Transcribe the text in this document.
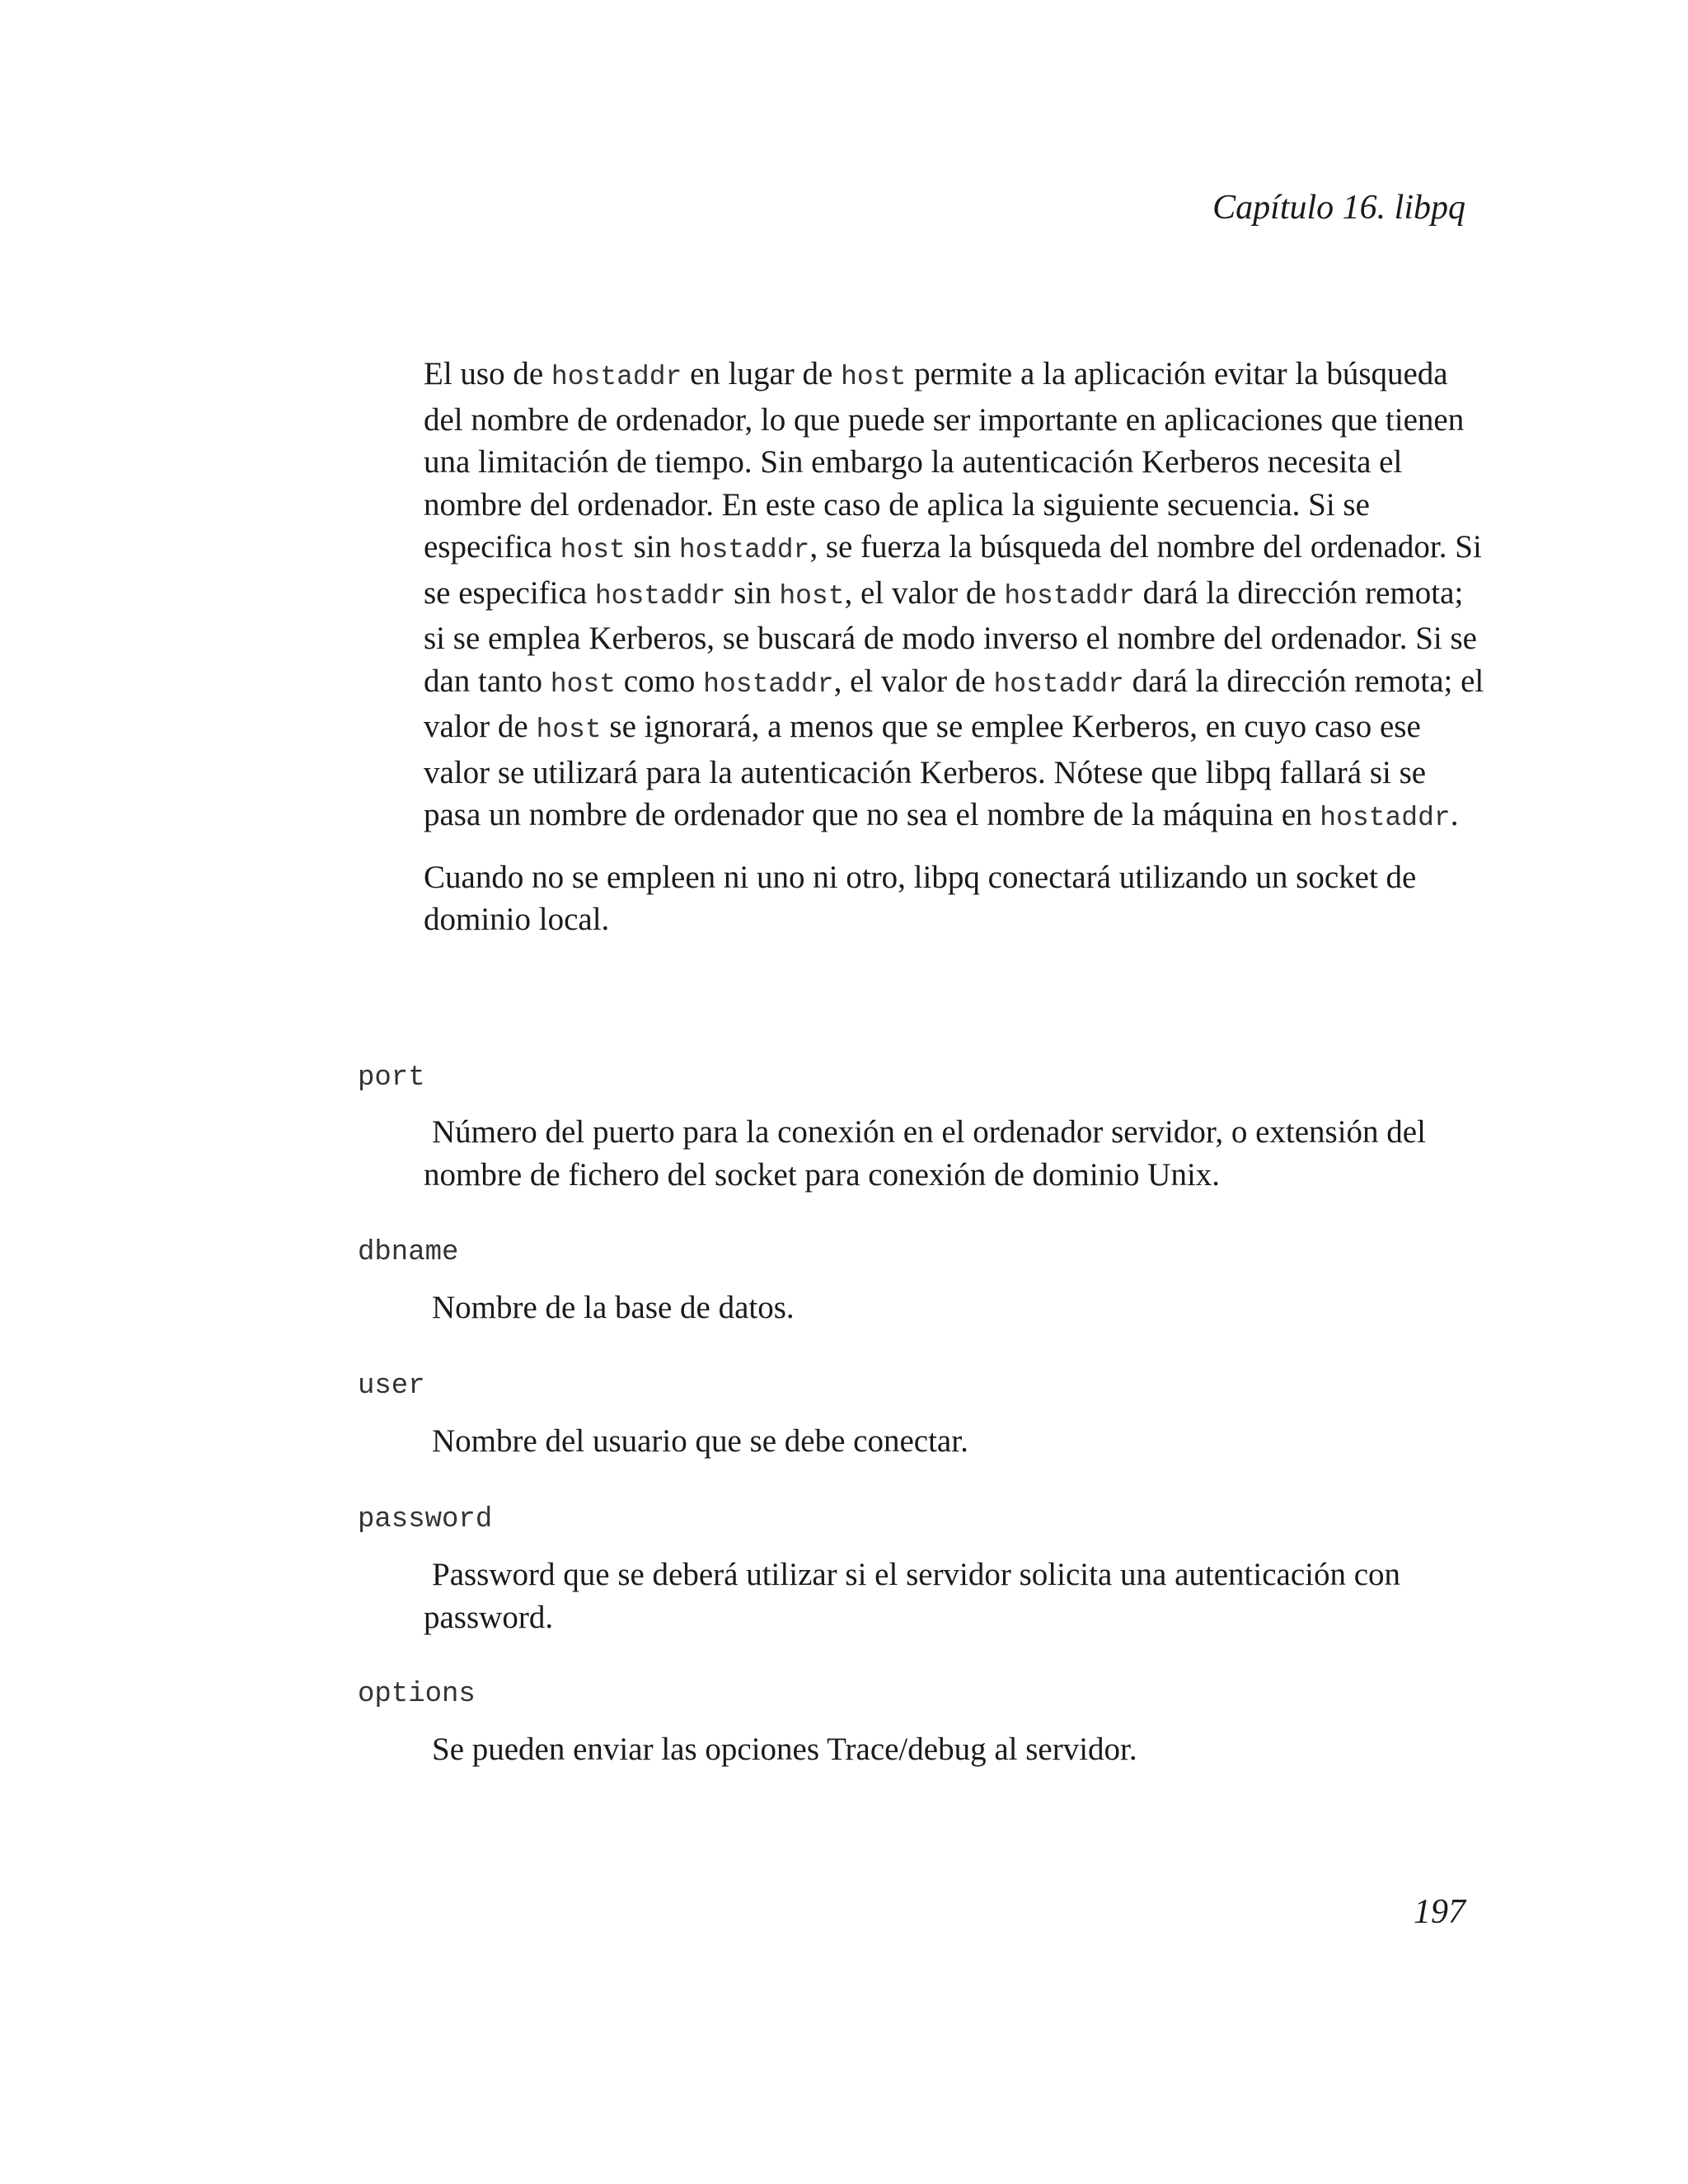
Capítulo 16. libpq

El uso de hostaddr en lugar de host permite a la aplicación evitar la búsqueda del nombre de ordenador, lo que puede ser importante en aplicaciones que tienen una limitación de tiempo. Sin embargo la autenticación Kerberos necesita el nombre del ordenador. En este caso de aplica la siguiente secuencia. Si se especifica host sin hostaddr, se fuerza la búsqueda del nombre del ordenador. Si se especifica hostaddr sin host, el valor de hostaddr dará la dirección remota; si se emplea Kerberos, se buscará de modo inverso el nombre del ordenador. Si se dan tanto host como hostaddr, el valor de hostaddr dará la dirección remota; el valor de host se ignorará, a menos que se emplee Kerberos, en cuyo caso ese valor se utilizará para la autenticación Kerberos. Nótese que libpq fallará si se pasa un nombre de ordenador que no sea el nombre de la máquina en hostaddr.

Cuando no se empleen ni uno ni otro, libpq conectará utilizando un socket de dominio local.

port
Número del puerto para la conexión en el ordenador servidor, o extensión del
nombre de fichero del socket para conexión de dominio Unix.
dbname
Nombre de la base de datos.
user
Nombre del usuario que se debe conectar.
password
Password que se deberá utilizar si el servidor solicita una autenticación con
password.
options
Se pueden enviar las opciones Trace/debug al servidor.
197
